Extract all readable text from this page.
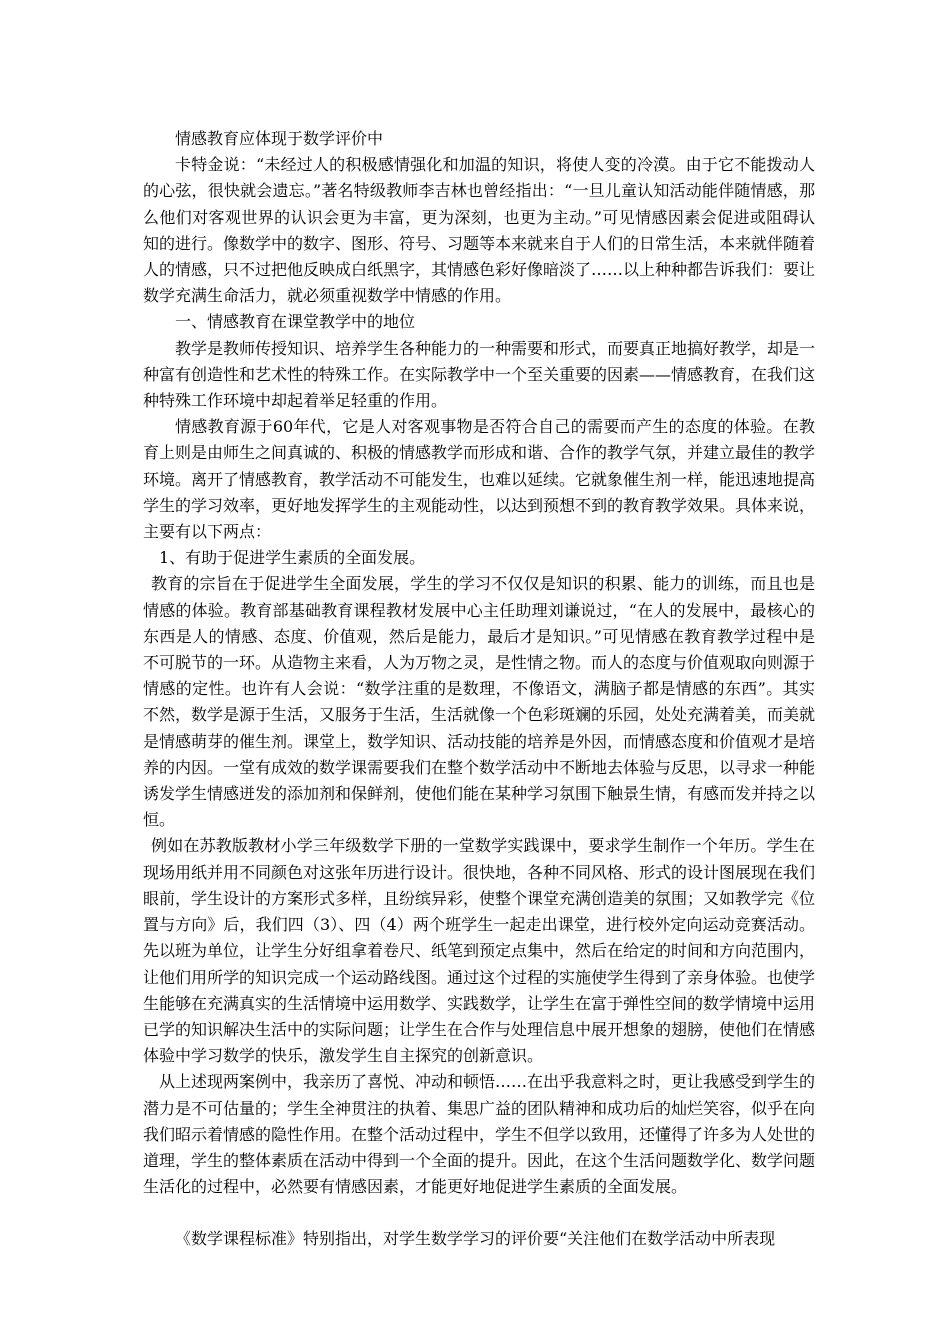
情感教育应体现于数学评价中

卡特金说：“未经过人的积极感情强化和加温的知识，将使人变的冷漠。由于它不能拨动人的心弦，很快就会遗忘。”著名特级教师李吉林也曾经指出：“一旦儿童认知活动能伴随情感，那么他们对客观世界的认识会更为丰富，更为深刻，也更为主动。”可见情感因素会促进或阻碍认知的进行。像数学中的数字、图形、符号、习题等本来就来自于人们的日常生活，本来就伴随着人的情感，只不过把他反映成白纸黑字，其情感色彩好像暗淡了……以上种种都告诉我们：要让数学充满生命活力，就必须重视数学中情感的作用。

一、情感教育在课堂教学中的地位

教学是教师传授知识、培养学生各种能力的一种需要和形式，而要真正地搞好教学，却是一种富有创造性和艺术性的特殊工作。在实际教学中一个至关重要的因素——情感教育，在我们这种特殊工作环境中却起着举足轻重的作用。

情感教育源于60年代，它是人对客观事物是否符合自己的需要而产生的态度的体验。在教育上则是由师生之间真诚的、积极的情感教学而形成和谐、合作的教学气氛，并建立最佳的教学环境。离开了情感教育，教学活动不可能发生，也难以延续。它就象催生剂一样，能迅速地提高学生的学习效率，更好地发挥学生的主观能动性，以达到预想不到的教育教学效果。具体来说，主要有以下两点：

1、有助于促进学生素质的全面发展。

教育的宗旨在于促进学生全面发展，学生的学习不仅仅是知识的积累、能力的训练，而且也是情感的体验。教育部基础教育课程教材发展中心主任助理刘谦说过，“在人的发展中，最核心的东西是人的情感、态度、价值观，然后是能力，最后才是知识。”可见情感在教育教学过程中是不可脱节的一环。从造物主来看，人为万物之灵，是性情之物。而人的态度与价值观取向则源于情感的定性。也许有人会说：“数学注重的是数理，不像语文，满脑子都是情感的东西”。其实不然，数学是源于生活，又服务于生活，生活就像一个色彩斑斓的乐园，处处充满着美，而美就是情感萌芽的催生剂。课堂上，数学知识、活动技能的培养是外因，而情感态度和价值观才是培养的内因。一堂有成效的数学课需要我们在整个数学活动中不断地去体验与反思，以寻求一种能诱发学生情感迸发的添加剂和保鲜剂，使他们能在某种学习氛围下触景生情，有感而发并持之以恒。

例如在苏教版教材小学三年级数学下册的一堂数学实践课中，要求学生制作一个年历。学生在现场用纸并用不同颜色对这张年历进行设计。很快地，各种不同风格、形式的设计图展现在我们眼前，学生设计的方案形式多样，且纷缤异彩，使整个课堂充满创造美的氛围；又如教学完《位置与方向》后，我们四（3）、四（4）两个班学生一起走出课堂，进行校外定向运动竞赛活动。先以班为单位，让学生分好组拿着卷尺、纸笔到预定点集中，然后在给定的时间和方向范围内，让他们用所学的知识完成一个运动路线图。通过这个过程的实施使学生得到了亲身体验。也使学生能够在充满真实的生活情境中运用数学、实践数学，让学生在富于弹性空间的数学情境中运用已学的知识解决生活中的实际问题；让学生在合作与处理信息中展开想象的翅膀，使他们在情感体验中学习数学的快乐，激发学生自主探究的创新意识。

从上述现两案例中，我亲历了喜悦、冲动和顿悟……在出乎我意料之时，更让我感受到学生的潜力是不可估量的；学生全神贯注的执着、集思广益的团队精神和成功后的灿烂笑容，似乎在向我们昭示着情感的隐性作用。在整个活动过程中，学生不但学以致用，还懂得了许多为人处世的道理，学生的整体素质在活动中得到一个全面的提升。因此，在这个生活问题数学化、数学问题生活化的过程中，必然要有情感因素，才能更好地促进学生素质的全面发展。

《数学课程标准》特别指出，对学生数学学习的评价要“关注他们在数学活动中所表现
